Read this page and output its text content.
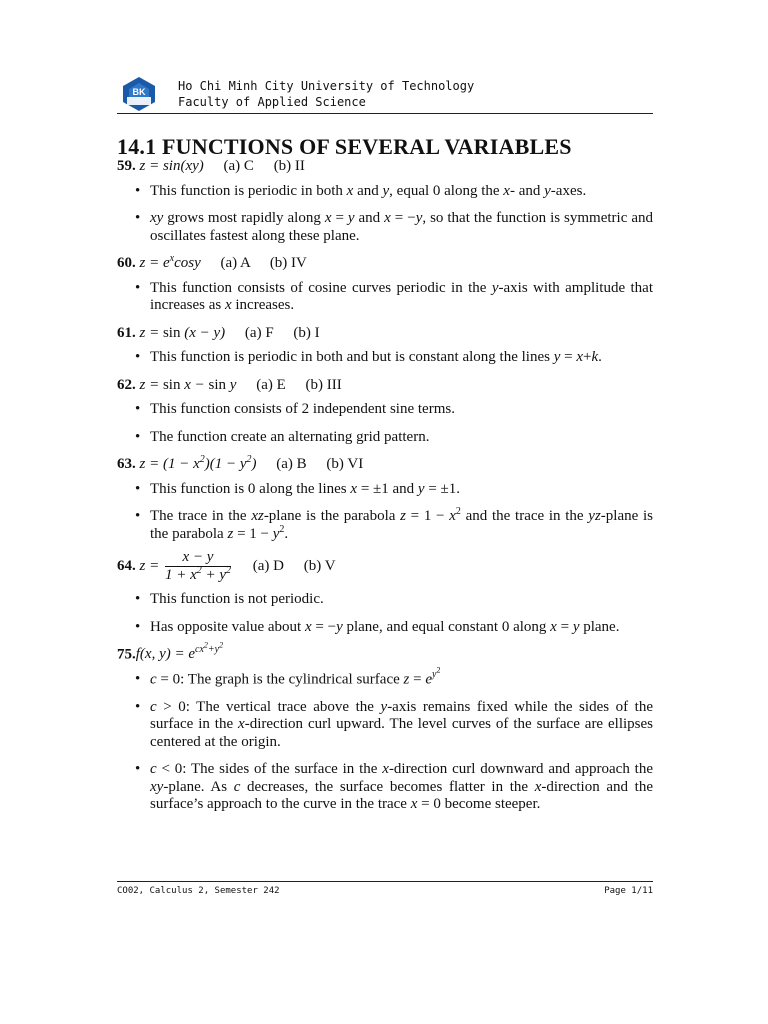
BK	Ho Chi Minh City University of Technology
Faculty of Applied Science
14.1 FUNCTIONS OF SEVERAL VARIABLES
59. z = sin(xy) (a) C (b) II
• This function is periodic in both x and y, equal 0 along the x- and y-axes.
• xy grows most rapidly along x = y and x = −y, so that the function is symmetric and oscillates fastest along these plane.
60. $z = e^x\cos y$ (a) A (b) IV
• This function consists of cosine curves periodic in the y-axis with amplitude that increases as x increases.
61. z = sin (x − y) (a) F (b) I
• This function is periodic in both and but is constant along the lines y = x+k.
62. z = sin x − sin y (a) E (b) III
• This function consists of 2 independent sine terms.
• The function create an alternating grid pattern.
63. $z = (1 - x^2)(1 - y^2)$ (a) B (b) VI
• This function is 0 along the lines x = ±1 and y = ±1.
• The trace in the xz-plane is the parabola $z = 1 - x^2$ and the trace in the yz-plane is the parabola $z = 1 - y^2$.
64. $z = \frac{x - y}{1 + x^2 + y^2} (a)$ D (b) V
• This function is not periodic.
• Has opposite value about x = −y plane, and equal constant 0 along x = y plane.
75.f(x, $y) = e^{cx^2+y^2}$
• c = 0: The graph is the cylindrical surface $z = e^{y^2}$
• c > 0: The vertical trace above the y-axis remains fixed while the sides of the surface in the x-direction curl upward. The level curves of the surface are ellipses centered at the origin.
• c < 0: The sides of the surface in the x-direction curl downward and approach the xy-plane. As c decreases, the surface becomes flatter in the x-direction and the surface’s approach to the curve in the trace x = 0 become steeper.
CO02, Calculus 2, Semester 242	Page 1/11
